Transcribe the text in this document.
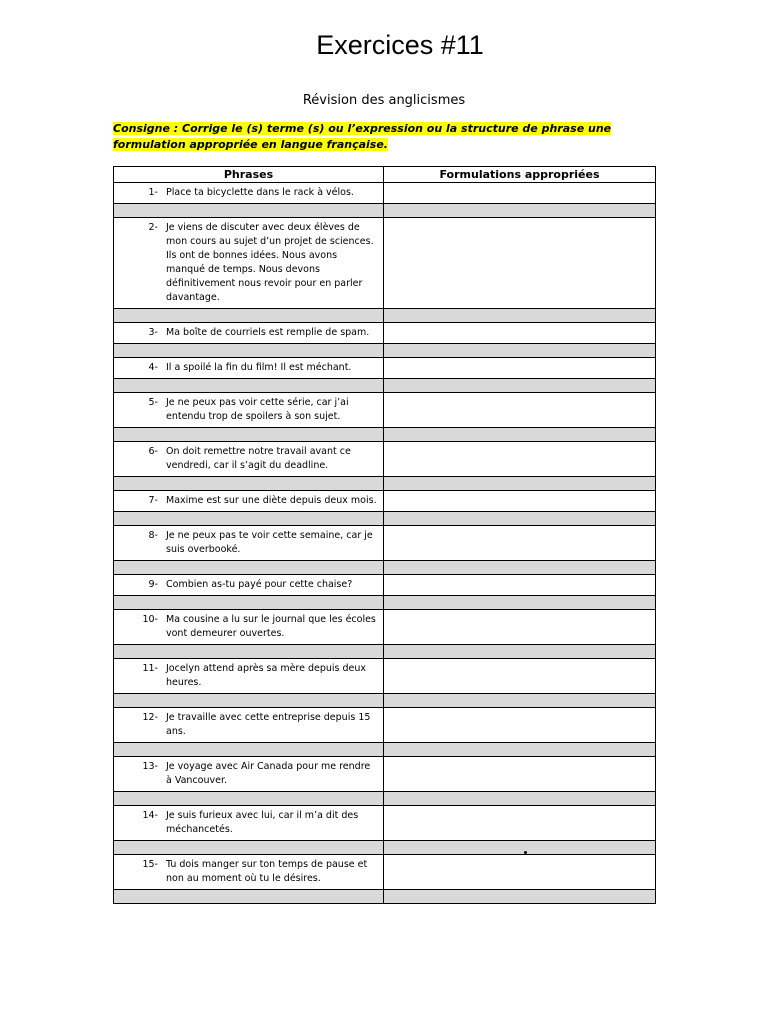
Exercices #11
Révision des anglicismes
Consigne : Corrige le (s) terme (s) ou l’expression ou la structure de phrase une formulation appropriée en langue française.
Phrases	Formulations appropriées

1- Place ta bicyclette dans le rack à vélos.	

2- Je viens de discuter avec deux élèves de mon cours au sujet d’un projet de sciences. Ils ont de bonnes idées. Nous avons manqué de temps. Nous devons définitivement nous revoir pour en parler davantage.	

3- Ma boîte de courriels est remplie de spam.	

4- Il a spoilé la fin du film! Il est méchant.	

5- Je ne peux pas voir cette série, car j’ai entendu trop de spoilers à son sujet.	

6- On doit remettre notre travail avant ce vendredi, car il s’agit du deadline.	

7- Maxime est sur une diète depuis deux mois.	

8- Je ne peux pas te voir cette semaine, car je suis overbooké.	

9- Combien as-tu payé pour cette chaise?	

10- Ma cousine a lu sur le journal que les écoles vont demeurer ouvertes.	

11- Jocelyn attend après sa mère depuis deux heures.	

12- Je travaille avec cette entreprise depuis 15 ans.	

13- Je voyage avec Air Canada pour me rendre à Vancouver.	

14- Je suis furieux avec lui, car il m’a dit des méchancetés.	

15- Tu dois manger sur ton temps de pause et non au moment où tu le désires.	
